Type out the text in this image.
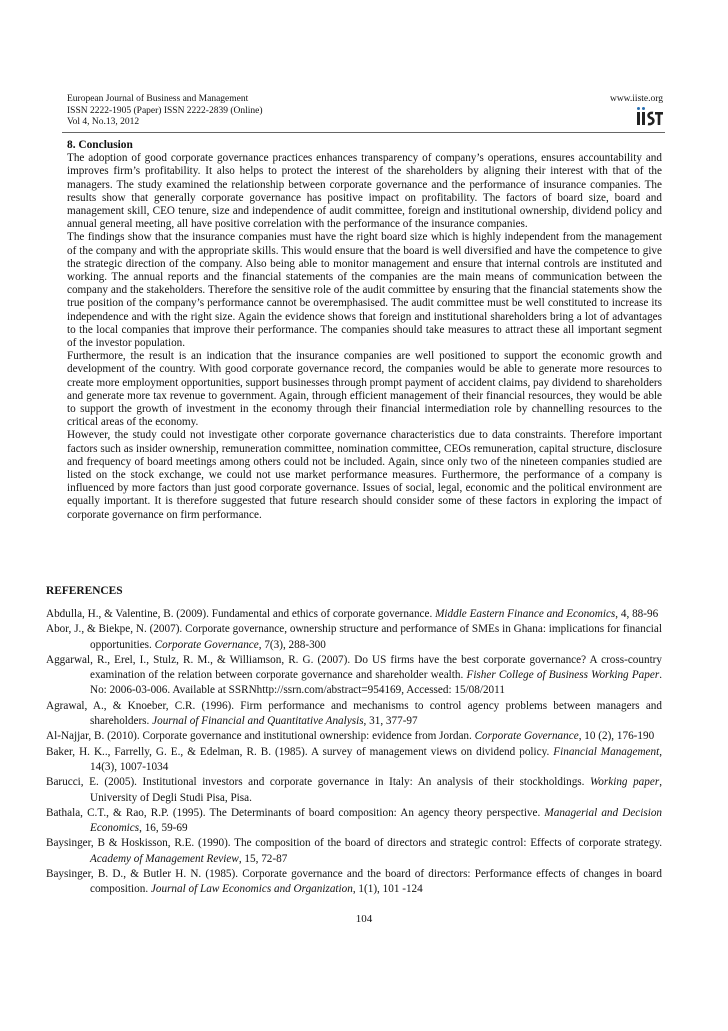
European Journal of Business and Management
ISSN 2222-1905 (Paper) ISSN 2222-2839 (Online)
Vol 4, No.13, 2012
www.iiste.org
8. Conclusion

The adoption of good corporate governance practices enhances transparency of company’s operations, ensures accountability and improves firm’s profitability. It also helps to protect the interest of the shareholders by aligning their interest with that of the managers. The study examined the relationship between corporate governance and the performance of insurance companies. The results show that generally corporate governance has positive impact on profitability. The factors of board size, board and management skill, CEO tenure, size and independence of audit committee, foreign and institutional ownership, dividend policy and annual general meeting, all have positive correlation with the performance of the insurance companies.

The findings show that the insurance companies must have the right board size which is highly independent from the management of the company and with the appropriate skills. This would ensure that the board is well diversified and have the competence to give the strategic direction of the company. Also being able to monitor management and ensure that internal controls are instituted and working. The annual reports and the financial statements of the companies are the main means of communication between the company and the stakeholders. Therefore the sensitive role of the audit committee by ensuring that the financial statements show the true position of the company’s performance cannot be overemphasised. The audit committee must be well constituted to increase its independence and with the right size. Again the evidence shows that foreign and institutional shareholders bring a lot of advantages to the local companies that improve their performance. The companies should take measures to attract these all important segment of the investor population.

Furthermore, the result is an indication that the insurance companies are well positioned to support the economic growth and development of the country. With good corporate governance record, the companies would be able to generate more resources to create more employment opportunities, support businesses through prompt payment of accident claims, pay dividend to shareholders and generate more tax revenue to government. Again, through efficient management of their financial resources, they would be able to support the growth of investment in the economy through their financial intermediation role by channelling resources to the critical areas of the economy.

However, the study could not investigate other corporate governance characteristics due to data constraints. Therefore important factors such as insider ownership, remuneration committee, nomination committee, CEOs remuneration, capital structure, disclosure and frequency of board meetings among others could not be included. Again, since only two of the nineteen companies studied are listed on the stock exchange, we could not use market performance measures. Furthermore, the performance of a company is influenced by more factors than just good corporate governance. Issues of social, legal, economic and the political environment are equally important. It is therefore suggested that future research should consider some of these factors in exploring the impact of corporate governance on firm performance.

REFERENCES

Abdulla, H., & Valentine, B. (2009). Fundamental and ethics of corporate governance. Middle Eastern Finance and Economics, 4, 88-96

Abor, J., & Biekpe, N. (2007). Corporate governance, ownership structure and performance of SMEs in Ghana: implications for financial opportunities. Corporate Governance, 7(3), 288-300

Aggarwal, R., Erel, I., Stulz, R. M., & Williamson, R. G. (2007). Do US firms have the best corporate governance? A cross-country examination of the relation between corporate governance and shareholder wealth. Fisher College of Business Working Paper. No: 2006-03-006. Available at SSRNhttp://ssrn.com/abstract=954169, Accessed: 15/08/2011

Agrawal, A., & Knoeber, C.R. (1996). Firm performance and mechanisms to control agency problems between managers and shareholders. Journal of Financial and Quantitative Analysis, 31, 377-97

Al-Najjar, B. (2010). Corporate governance and institutional ownership: evidence from Jordan. Corporate Governance, 10 (2), 176-190

Baker, H. K.., Farrelly, G. E., & Edelman, R. B. (1985). A survey of management views on dividend policy. Financial Management, 14(3), 1007-1034

Barucci, E. (2005). Institutional investors and corporate governance in Italy: An analysis of their stockholdings. Working paper, University of Degli Studi Pisa, Pisa.

Bathala, C.T., & Rao, R.P. (1995). The Determinants of board composition: An agency theory perspective. Managerial and Decision Economics, 16, 59-69

Baysinger, B & Hoskisson, R.E. (1990). The composition of the board of directors and strategic control: Effects of corporate strategy. Academy of Management Review, 15, 72-87

Baysinger, B. D., & Butler H. N. (1985). Corporate governance and the board of directors: Performance effects of changes in board composition. Journal of Law Economics and Organization, 1(1), 101 -124

104
